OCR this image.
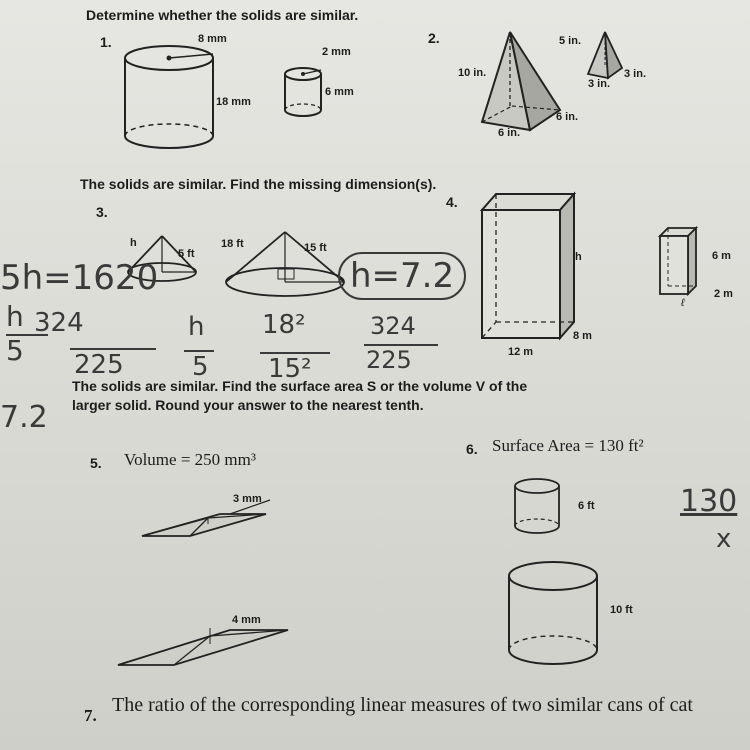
Determine whether the solids are similar.
1.	8 mm
18 mm
2 mm
6 mm
2.	5 in.
3 in.
3 in.
10 in.
6 in.
6 in.
The solids are similar. Find the missing dimension(s).
3.
h
5 ft
18 ft	15 ft
4.
h
8 m
12 m
6 m
2 m
ℓ
5h=1620
h
5
324
225
h
5
18²
15²
324
225
h=7.2
7.2
The solids are similar. Find the surface area S or the volume V of the
larger solid. Round your answer to the nearest tenth.
5. Volume = 250 mm³
3 mm
4 mm
6. Surface Area = 130 ft²
6 ft
10 ft
130
x
7. The ratio of the corresponding linear measures of two similar cans of cat
